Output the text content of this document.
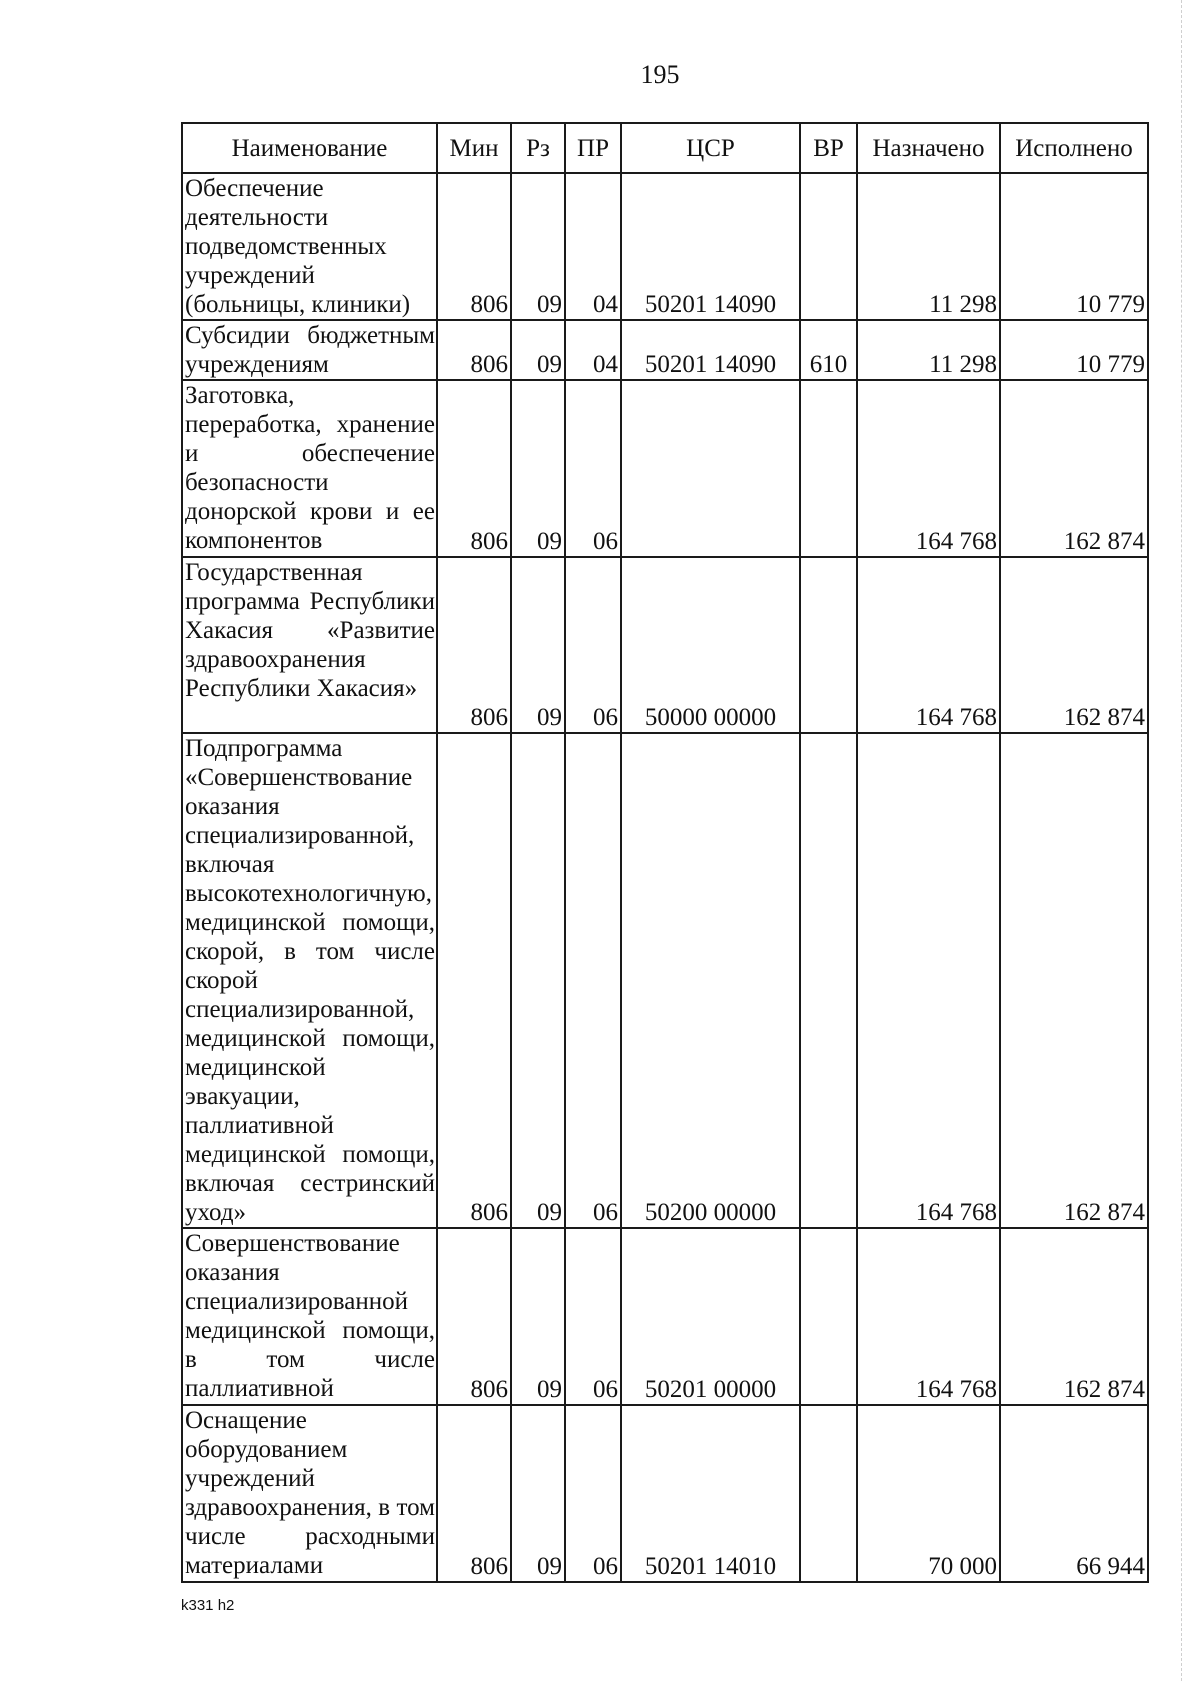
195
Наименование	Мин	Рз	ПР	ЦСР	ВР	Назначено	Исполнено
Обеспечение деятельности подведомственных учреждений (больницы, клиники)	806	09	04	50201 14090		11 298	10 779
Субсидии бюджетным учреждениям	806	09	04	50201 14090	610	11 298	10 779
Заготовка, переработка, хранение и обеспечение безопасности донорской крови и ее компонентов	806	09	06			164 768	162 874
Государственная программа Республики Хакасия «Развитие здравоохранения Республики Хакасия»	806	09	06	50000 00000		164 768	162 874
Подпрограмма «Совершенствование оказания специализированной, включая высокотехнологичную, медицинской помощи, скорой, в том числе скорой специализированной, медицинской помощи, медицинской эвакуации, паллиативной медицинской помощи, включая сестринский уход»	806	09	06	50200 00000		164 768	162 874
Совершенствование оказания специализированной медицинской помощи, в том числе паллиативной	806	09	06	50201 00000		164 768	162 874
Оснащение оборудованием учреждений здравоохранения, в том числе расходными материалами	806	09	06	50201 14010		70 000	66 944
k331 h2
